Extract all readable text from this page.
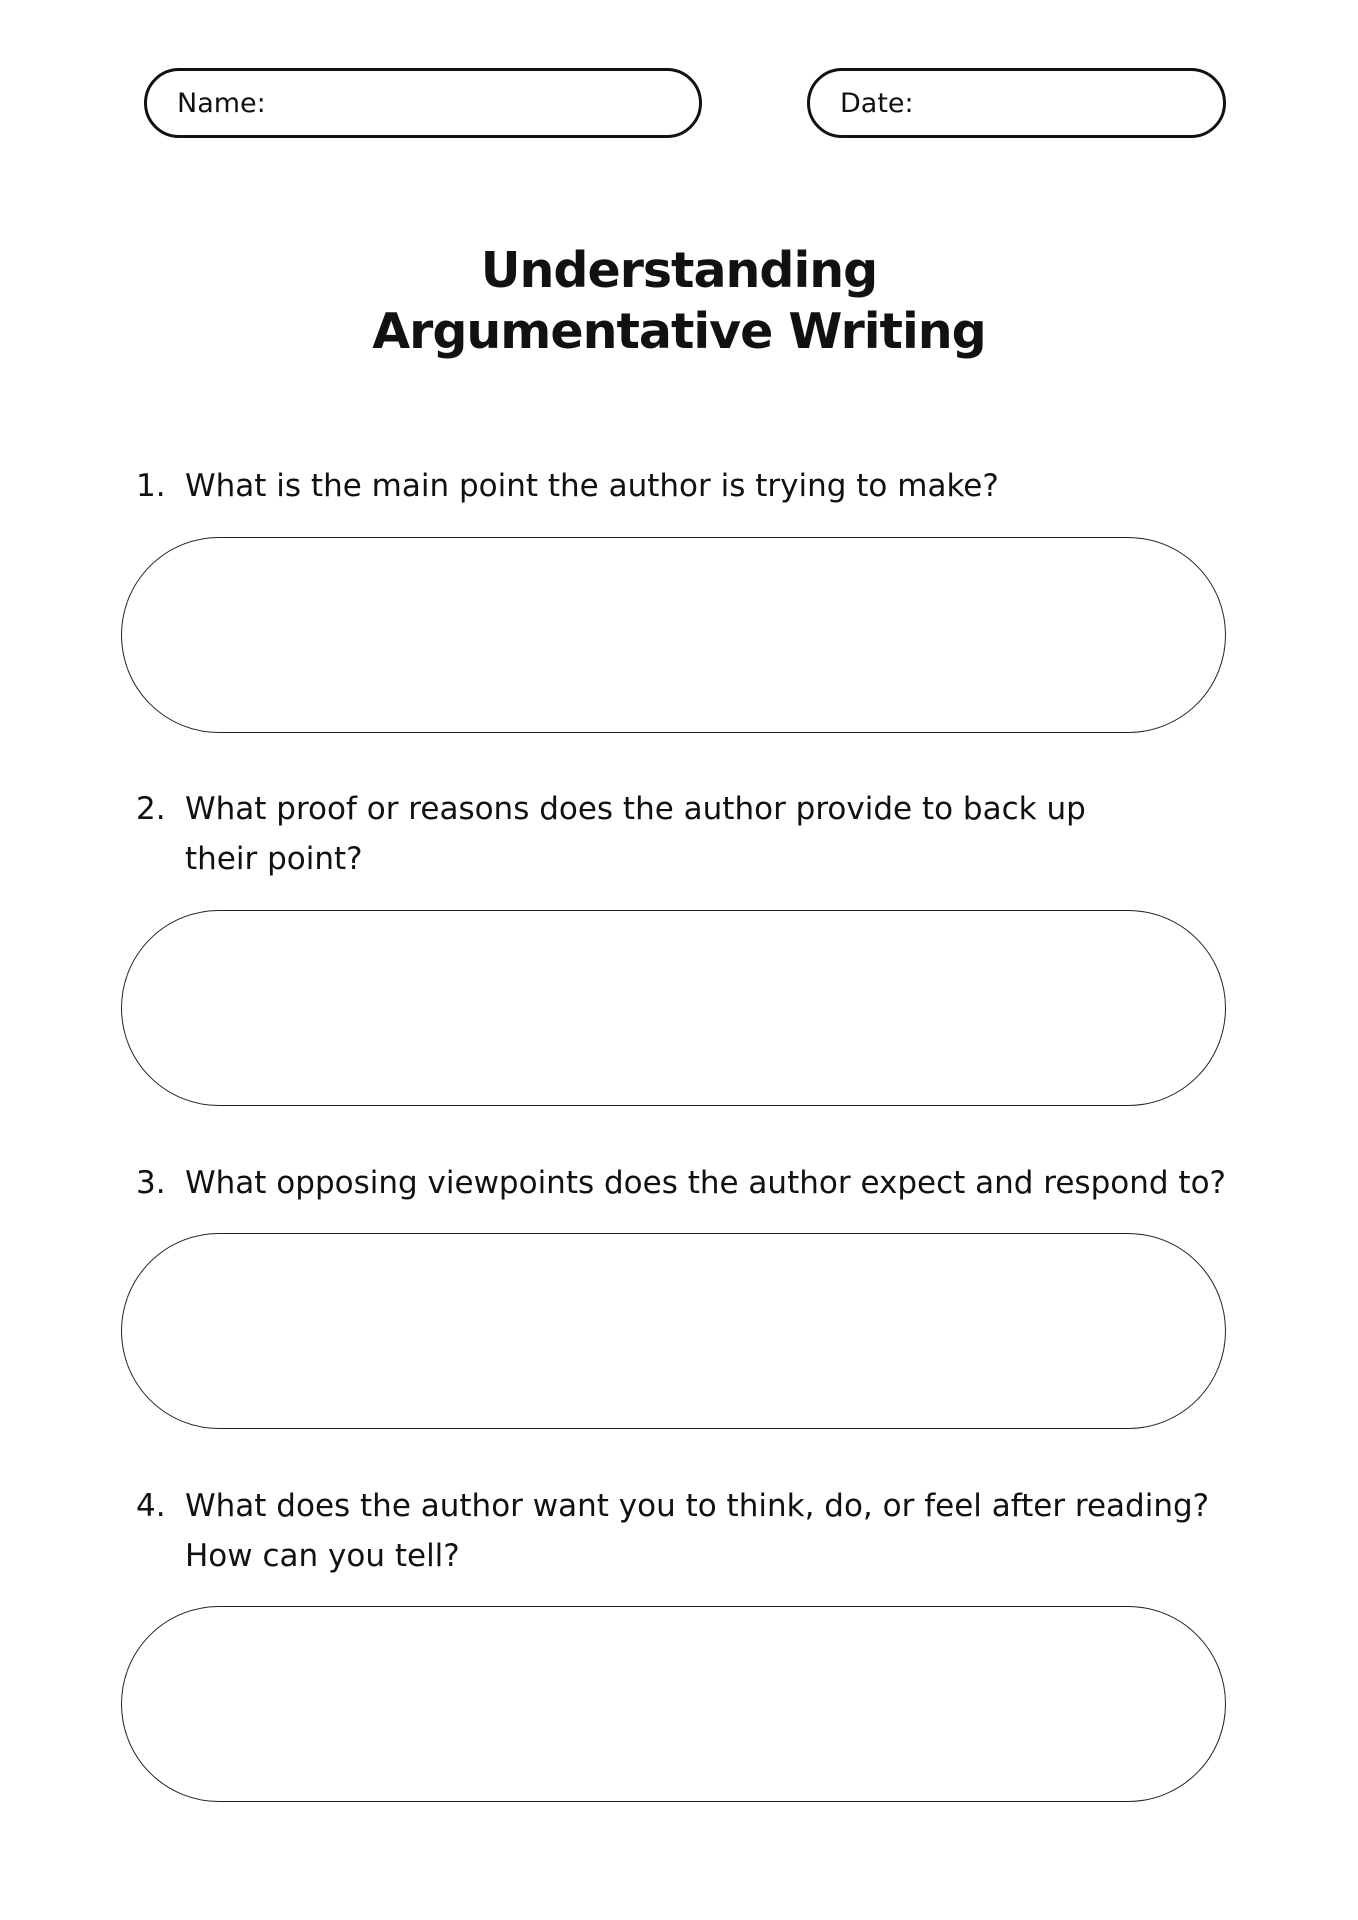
Name:	Date:
Understanding
Argumentative Writing
1. What is the main point the author is trying to make?
2. What proof or reasons does the author provide to back up their point?
3. What opposing viewpoints does the author expect and respond to?
4. What does the author want you to think, do, or feel after reading? How can you tell?
